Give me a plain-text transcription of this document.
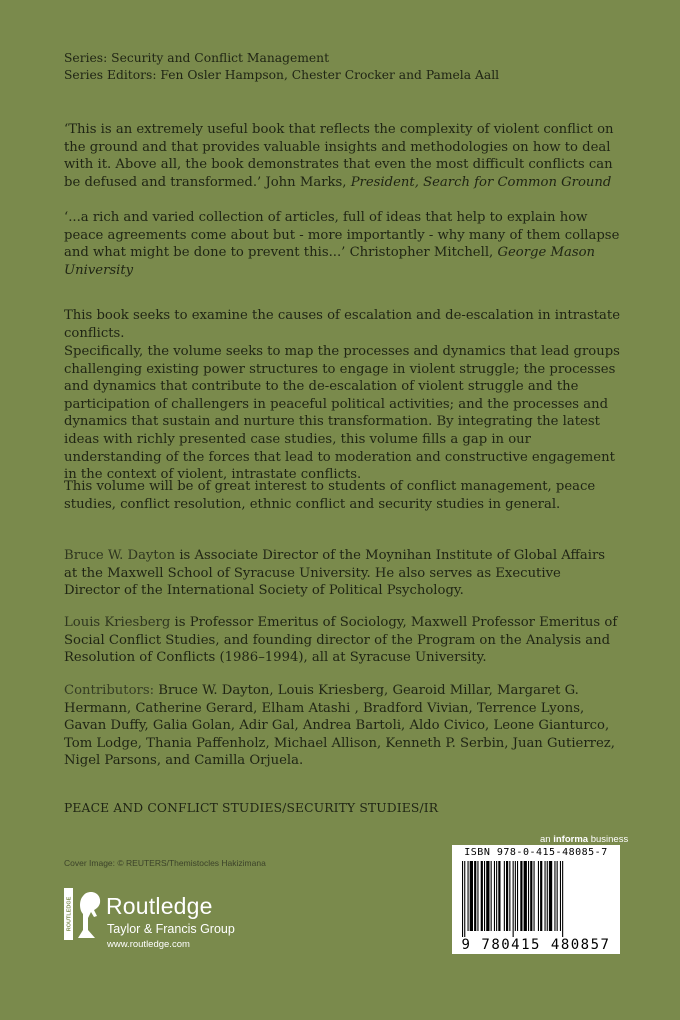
Series: Security and Conflict Management
Series Editors: Fen Osler Hampson, Chester Crocker and Pamela Aall

‘This is an extremely useful book that reflects the complexity of violent conflict on the ground and that provides valuable insights and methodologies on how to deal with it. Above all, the book demonstrates that even the most difficult conflicts can be defused and transformed.’ John Marks, President, Search for Common Ground

‘...a rich and varied collection of articles, full of ideas that help to explain how peace agreements come about but - more importantly - why many of them collapse and what might be done to prevent this...’ Christopher Mitchell, George Mason University

This book seeks to examine the causes of escalation and de-escalation in intrastate conflicts.
Specifically, the volume seeks to map the processes and dynamics that lead groups challenging existing power structures to engage in violent struggle; the processes and dynamics that contribute to the de-escalation of violent struggle and the participation of challengers in peaceful political activities; and the processes and dynamics that sustain and nurture this transformation. By integrating the latest ideas with richly presented case studies, this volume fills a gap in our understanding of the forces that lead to moderation and constructive engagement in the context of violent, intrastate conflicts.
This volume will be of great interest to students of conflict management, peace studies, conflict resolution, ethnic conflict and security studies in general.

Bruce W. Dayton is Associate Director of the Moynihan Institute of Global Affairs at the Maxwell School of Syracuse University. He also serves as Executive Director of the International Society of Political Psychology.

Louis Kriesberg is Professor Emeritus of Sociology, Maxwell Professor Emeritus of Social Conflict Studies, and founding director of the Program on the Analysis and Resolution of Conflicts (1986–1994), all at Syracuse University.

Contributors: Bruce W. Dayton, Louis Kriesberg, Gearoid Millar, Margaret G. Hermann, Catherine Gerard, Elham Atashi , Bradford Vivian, Terrence Lyons, Gavan Duffy, Galia Golan, Adir Gal, Andrea Bartoli, Aldo Civico, Leone Gianturco, Tom Lodge, Thania Paffenholz, Michael Allison, Kenneth P. Serbin, Juan Gutierrez, Nigel Parsons, and Camilla Orjuela.

PEACE AND CONFLICT STUDIES/SECURITY STUDIES/IR
Cover Image: © REUTERS/Themistocles Hakizimana
an informa business
ISBN 978-0-415-48085-7
9 780415 480857
ROUTLEDGE Routledge
Taylor & Francis Group
www.routledge.com
